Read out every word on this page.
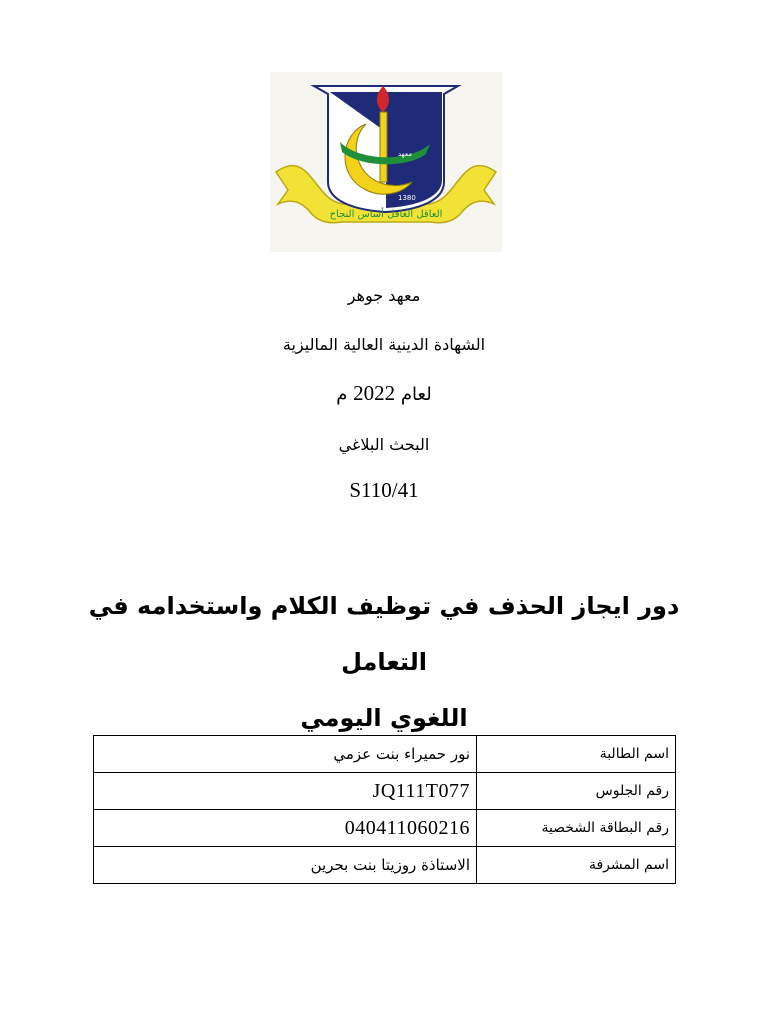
معهد
1980	1380
العاقل الغافل أساس النجاح
معهد جوهر
الشهادة الدينية العالية الماليزية
لعام 2022 م
البحث البلاغي
S110/41
دور ايجاز الحذف في توظيف الكلام واستخدامه في التعامل
اللغوي اليومي
اسم الطالبة	نور حميراء بنت عزمي
رقم الجلوس	JQ111T077
رقم البطاقة الشخصية	040411060216
اسم المشرفة	الاستاذة روزيتا بنت بحرين
